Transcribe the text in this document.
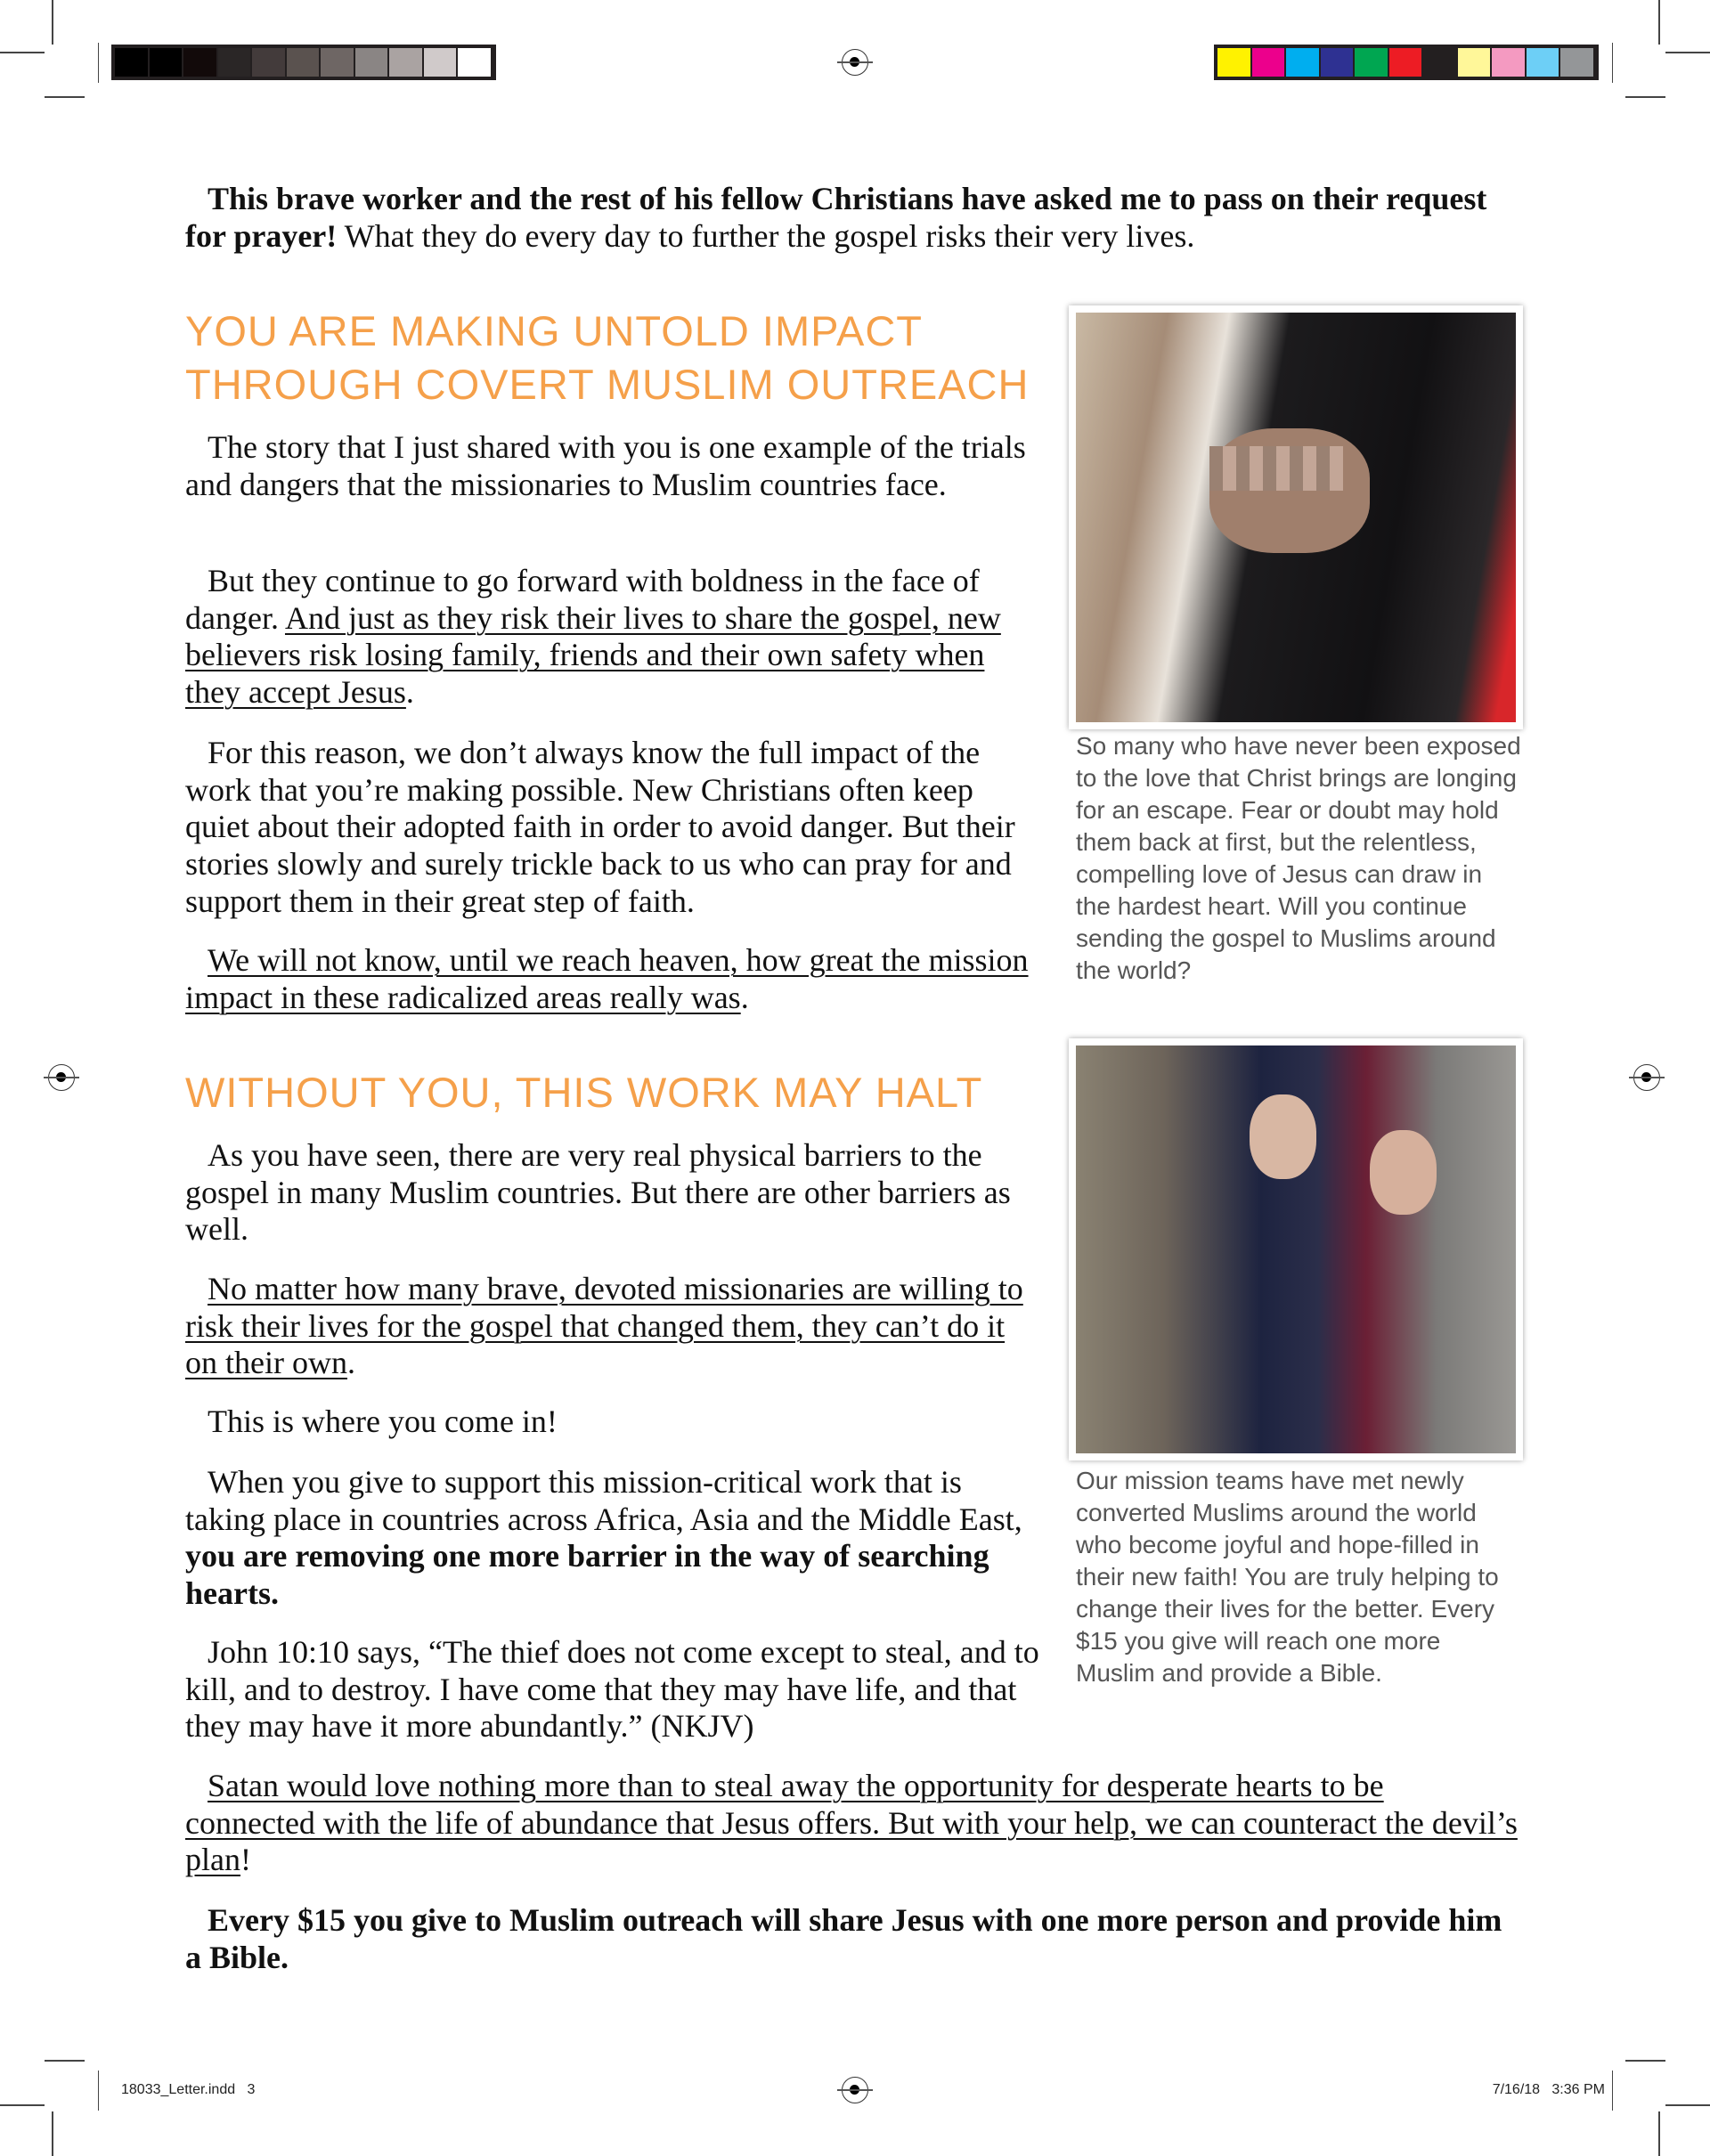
This brave worker and the rest of his fellow Christians have asked me to pass on their request for prayer! What they do every day to further the gospel risks their very lives.

YOU ARE MAKING UNTOLD IMPACT THROUGH COVERT MUSLIM OUTREACH

The story that I just shared with you is one example of the trials and dangers that the missionaries to Muslim countries face.

But they continue to go forward with boldness in the face of danger. And just as they risk their lives to share the gospel, new believers risk losing family, friends and their own safety when they accept Jesus.

For this reason, we don’t always know the full impact of the work that you’re making possible. New Christians often keep quiet about their adopted faith in order to avoid danger. But their stories slowly and surely trickle back to us who can pray for and support them in their great step of faith.

We will not know, until we reach heaven, how great the mission impact in these radicalized areas really was.

WITHOUT YOU, THIS WORK MAY HALT

As you have seen, there are very real physical barriers to the gospel in many Muslim countries. But there are other barriers as well.

No matter how many brave, devoted missionaries are willing to risk their lives for the gospel that changed them, they can’t do it on their own.

This is where you come in!

When you give to support this mission-critical work that is taking place in countries across Africa, Asia and the Middle East, you are removing one more barrier in the way of searching hearts.

John 10:10 says, “The thief does not come except to steal, and to kill, and to destroy. I have come that they may have life, and that they may have it more abundantly.” (NKJV)

Satan would love nothing more than to steal away the opportunity for desperate hearts to be connected with the life of abundance that Jesus offers. But with your help, we can counteract the devil’s plan!

Every $15 you give to Muslim outreach will share Jesus with one more person and provide him a Bible.

So many who have never been exposed to the love that Christ brings are longing for an escape. Fear or doubt may hold them back at first, but the relentless, compelling love of Jesus can draw in the hardest heart. Will you continue sending the gospel to Muslims around the world?

Our mission teams have met newly converted Muslims around the world who become joyful and hope-filled in their new faith! You are truly helping to change their lives for the better. Every $15 you give will reach one more Muslim and provide a Bible.

18033_Letter.indd   3	7/16/18   3:36 PM
